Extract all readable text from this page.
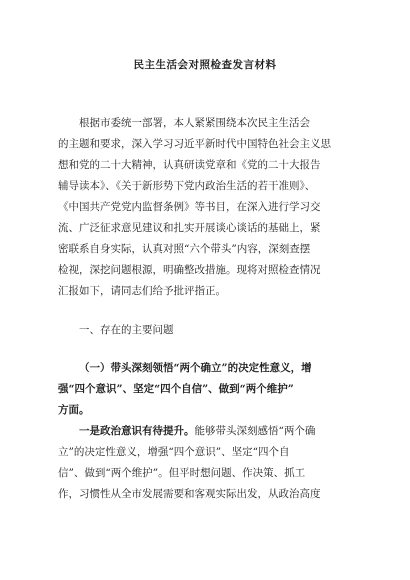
民主生活会对照检查发言材料
根据市委统一部署，本人紧紧围绕本次民主生活会
的主题和要求，深入学习习近平新时代中国特色社会主义思
想和党的二十大精神，认真研读党章和《党的二十大报告
辅导读本》、《关于新形势下党内政治生活的若干准则》、
《中国共产党党内监督条例》等书目，在深入进行学习交
流、广泛征求意见建议和扎实开展谈心谈话的基础上，紧
密联系自身实际，认真对照“六个带头”内容，深刻查摆
检视，深挖问题根源，明确整改措施。现将对照检查情况
汇报如下，请同志们给予批评指正。
一、存在的主要问题
（一）带头深刻领悟“两个确立”的决定性意义，增
强“四个意识”、坚定“四个自信”、做到“两个维护”
方面。
一是政治意识有待提升。能够带头深刻感悟“两个确
立”的决定性意义，增强“四个意识”、坚定“四个自
信”、做到“两个维护”。但平时想问题、作决策、抓工
作，习惯性从全市发展需要和客观实际出发，从政治高度
